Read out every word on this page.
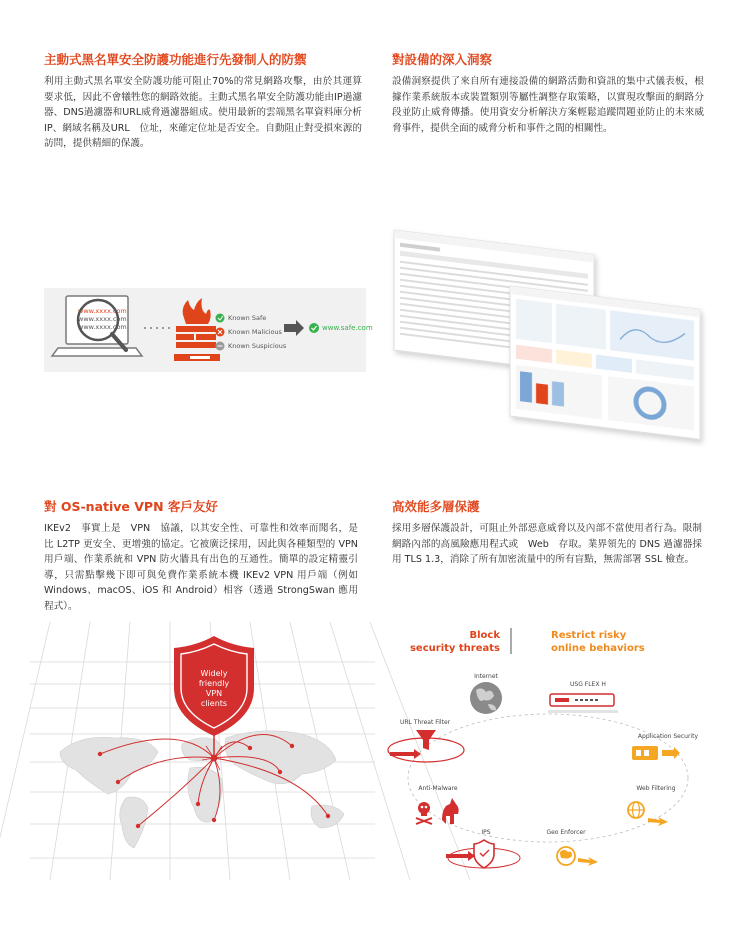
主動式黑名單安全防護功能進行先發制人的防禦

利用主動式黑名單安全防護功能可阻止70%的常見網路攻擊，由於其運算要求低，因此不會犧牲您的網路效能。主動式黑名單安全防護功能由IP過濾器、DNS過濾器和URL威脅過濾器組成。使用最新的雲端黑名單資料庫分析　IP、網域名稱及URL　位址，來確定位址是否安全。自動阻止對受損來源的訪問，提供精細的保護。

對設備的深入洞察

設備洞察提供了來自所有連接設備的網路活動和資訊的集中式儀表板，根據作業系統版本或裝置類別等屬性調整存取策略，以實現攻擊面的網路分段並防止威脅傳播。使用資安分析解決方案輕鬆追蹤問題並防止的未來威脅事件，提供全面的威脅分析和事件之間的相關性。

www.xxxx.com
www.xxxx.com
www.xxxx.com
Known Safe
Known Malicious
Known Suspicious
www.safe.com
對 OS-native VPN 客戶友好

IKEv2　事實上是　VPN　協議，以其安全性、可靠性和效率而聞名，是比 L2TP 更安全、更增強的協定。它被廣泛採用，因此與各種類型的 VPN 用戶端、作業系統和 VPN 防火牆具有出色的互通性。簡單的設定精靈引導，只需點擊幾下即可與免費作業系統本機 IKEv2 VPN 用戶端（例如 Windows、macOS、iOS 和 Android）相容（透過 StrongSwan 應用程式）。

高效能多層保護

採用多層保護設計，可阻止外部惡意威脅以及內部不當使用者行為。限制網路內部的高風險應用程式或　Web　存取。業界領先的 DNS 過濾器採用 TLS 1.3，消除了所有加密流量中的所有盲點，無需部署 SSL 檢查。

Widely
friendly
VPN
clients
Block
security threats
Restrict risky
online behaviors
Internet
USG FLEX H
URL Threat Filter
Application Security
Anti-Malware	Web Filtering
IPS	Geo Enforcer
